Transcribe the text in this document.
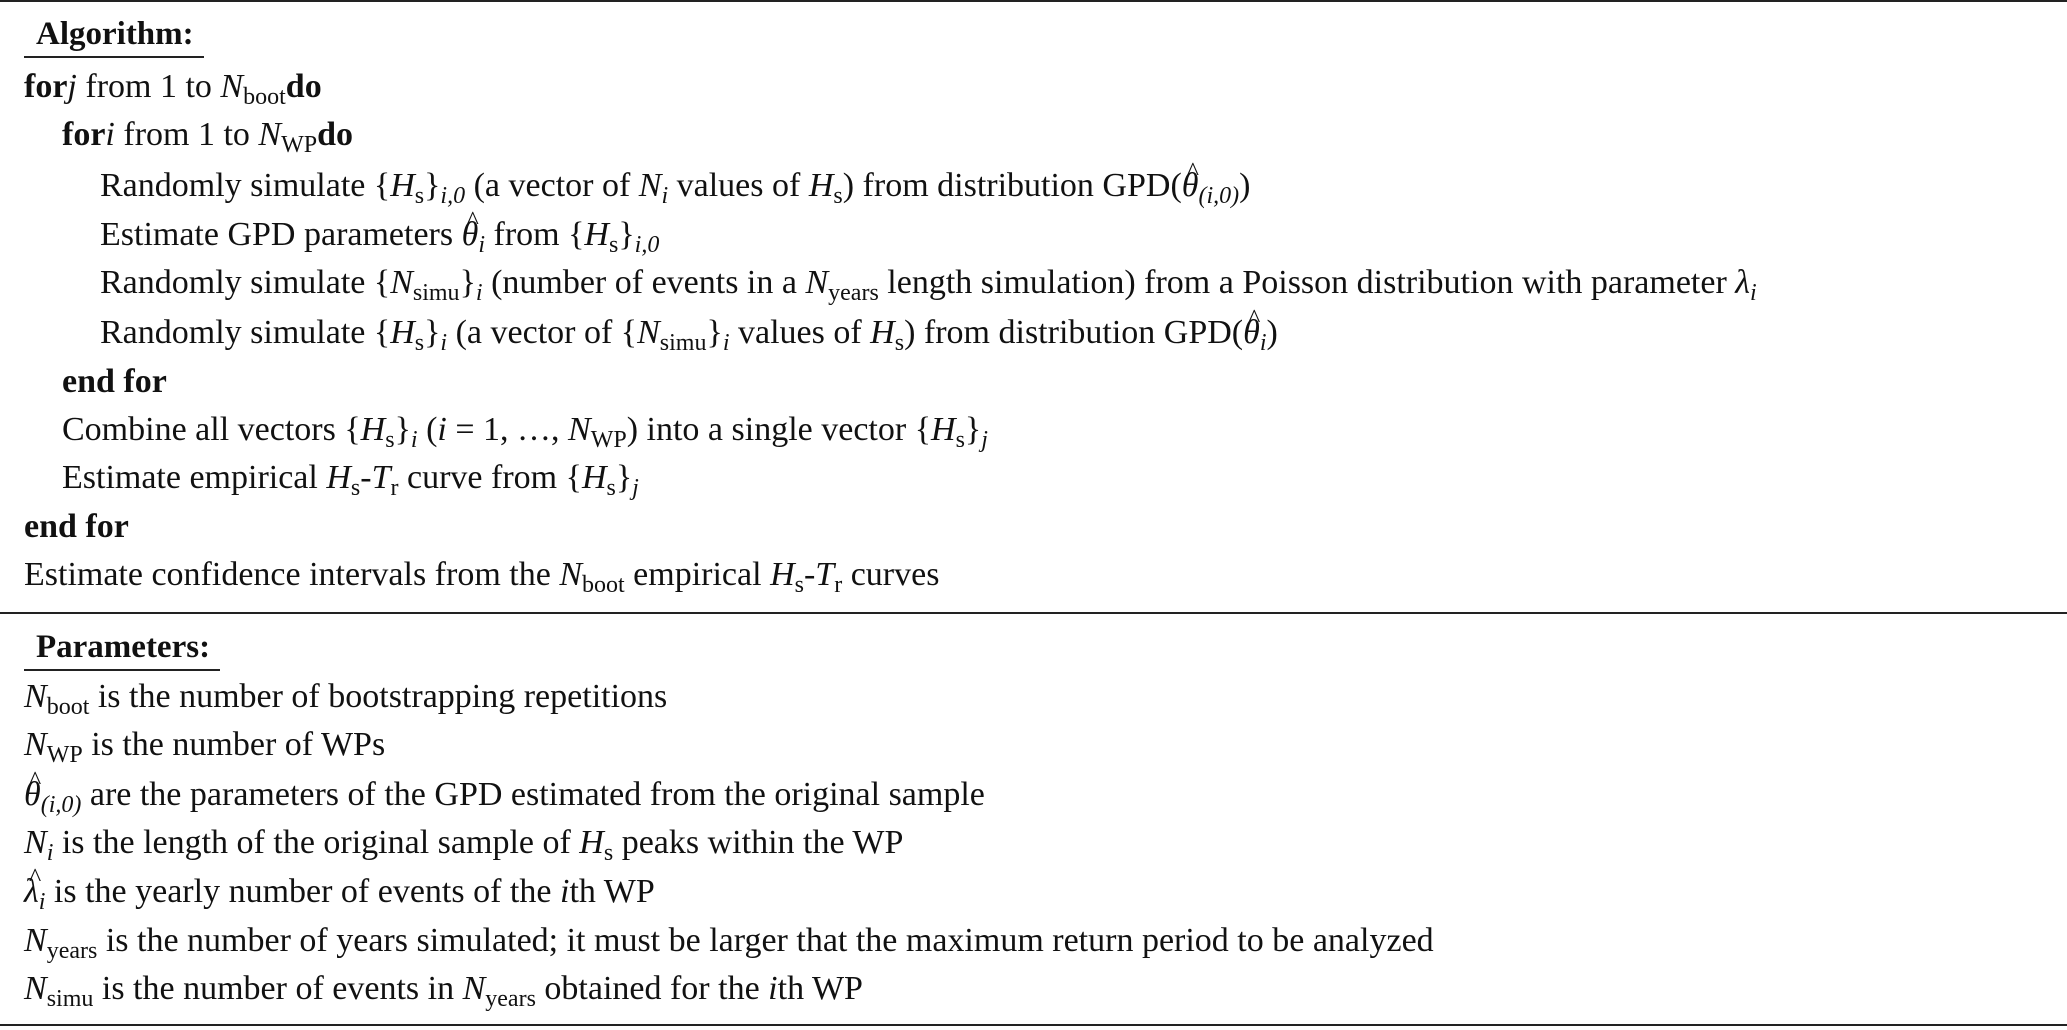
Algorithm:
forj from 1 to $N_{boot}do$
fori from 1 to $N_{WP}do$
Randomly simulate $\{H_s\}_{i,0}$ (a vector of $N_i$ values of $H_s$) from distribution GPD(^ $\theta_{(i,0)}$)
Estimate GPD parameters ^ $\theta_i$ from $\{H_s\}_{i,0}$
Randomly simulate $\{N_{simu}\}_i$ (number of events in a $N_{years}$ length simulation) from a Poisson distribution with parameter $\lambda_i$
Randomly simulate $\{H_s\}_i$ (a vector of $\{N_{simu}\}_i$ values of $H_s$) from distribution GPD(^ $\theta_i$)
end for
Combine all vectors $\{H_s\}_i$ (i = 1, …, $N_{WP}$) into a single vector $\{H_s\}_j$
Estimate empirical $H_s-T_r$ curve from $\{H_s\}_j$
end for
Estimate confidence intervals from the $N_{boot}$ empirical $H_s-T_r$ curves
Parameters:
$N_{boot}$ is the number of bootstrapping repetitions
$N_{WP}$ is the number of WPs
^ $\theta_{(i,0)}$ are the parameters of the GPD estimated from the original sample
$N_i$ is the length of the original sample of $H_s$ peaks within the WP
^ $\lambda_i$ is the yearly number of events of the ith WP
$N_{years}$ is the number of years simulated; it must be larger that the maximum return period to be analyzed
$N_{simu}$ is the number of events in $N_{years}$ obtained for the ith WP
